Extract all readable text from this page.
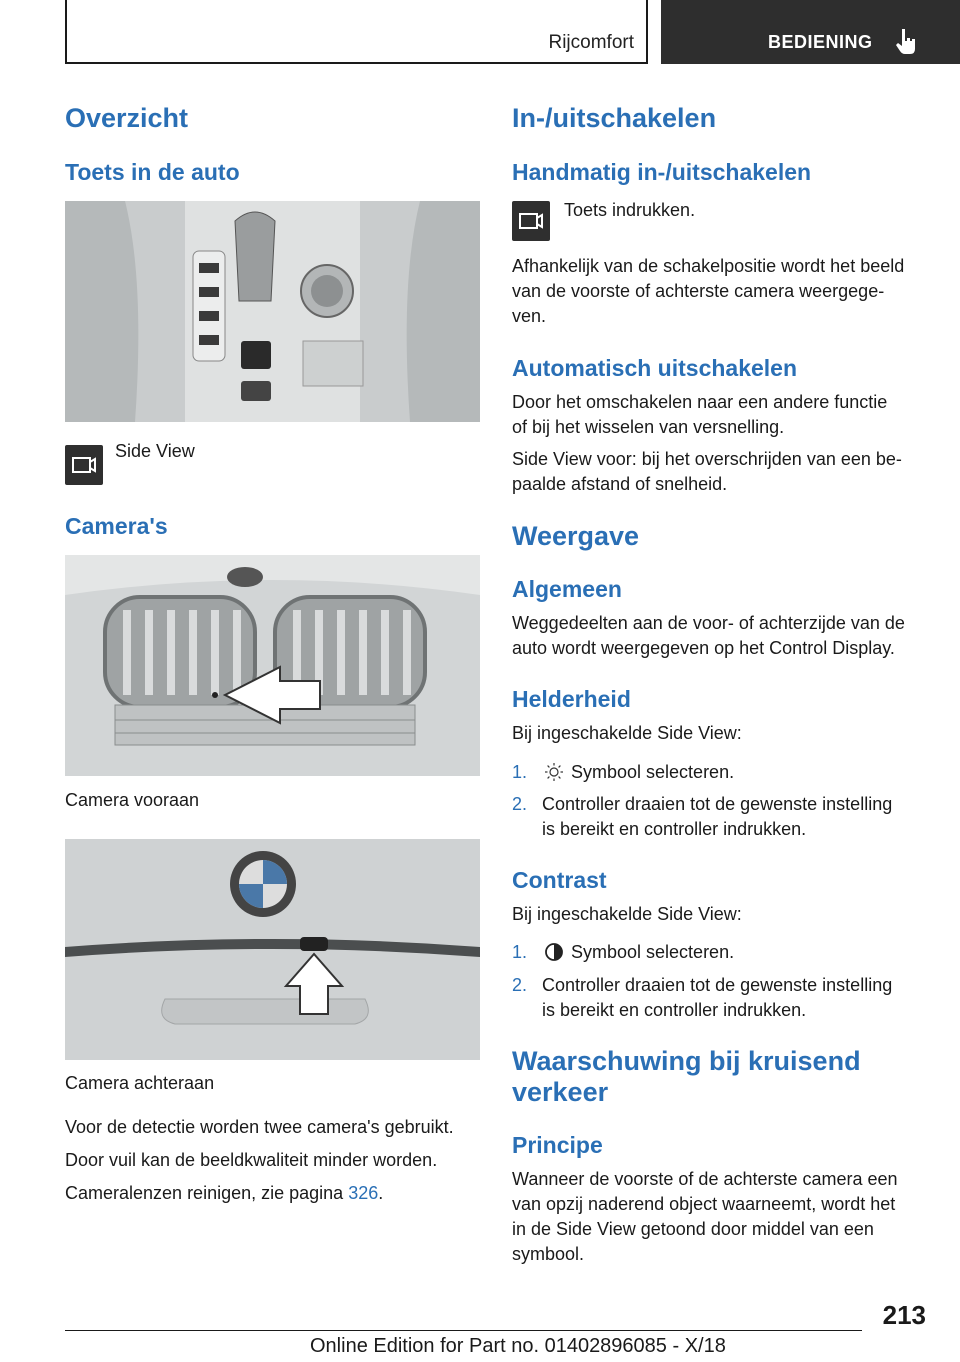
Rijcomfort	BEDIENING
Overzicht
Toets in de auto
Side View
Camera's
Camera vooraan
Camera achteraan
Voor de detectie worden twee camera's gebruikt.
Door vuil kan de beeldkwaliteit minder worden.
Cameralenzen reinigen, zie pagina 326.
In-/uitschakelen
Handmatig in-/uitschakelen
Toets indrukken.
Afhankelijk van de schakelpositie wordt het beeld
van de voorste of achterste camera weergege-
ven.
Automatisch uitschakelen
Door het omschakelen naar een andere functie
of bij het wisselen van versnelling.
Side View voor: bij het overschrijden van een be-
paalde afstand of snelheid.
Weergave
Algemeen
Weggedeelten aan de voor- of achterzijde van de
auto wordt weergegeven op het Control Display.
Helderheid
Bij ingeschakelde Side View:
1. Symbool selecteren.
2. Controller draaien tot de gewenste instelling
is bereikt en controller indrukken.
Contrast
Bij ingeschakelde Side View:
1. Symbool selecteren.
2. Controller draaien tot de gewenste instelling
is bereikt en controller indrukken.
Waarschuwing bij kruisend
verkeer
Principe
Wanneer de voorste of de achterste camera een
van opzij naderend object waarneemt, wordt het
in de Side View getoond door middel van een
symbool.
213
Online Edition for Part no. 01402896085 - X/18
